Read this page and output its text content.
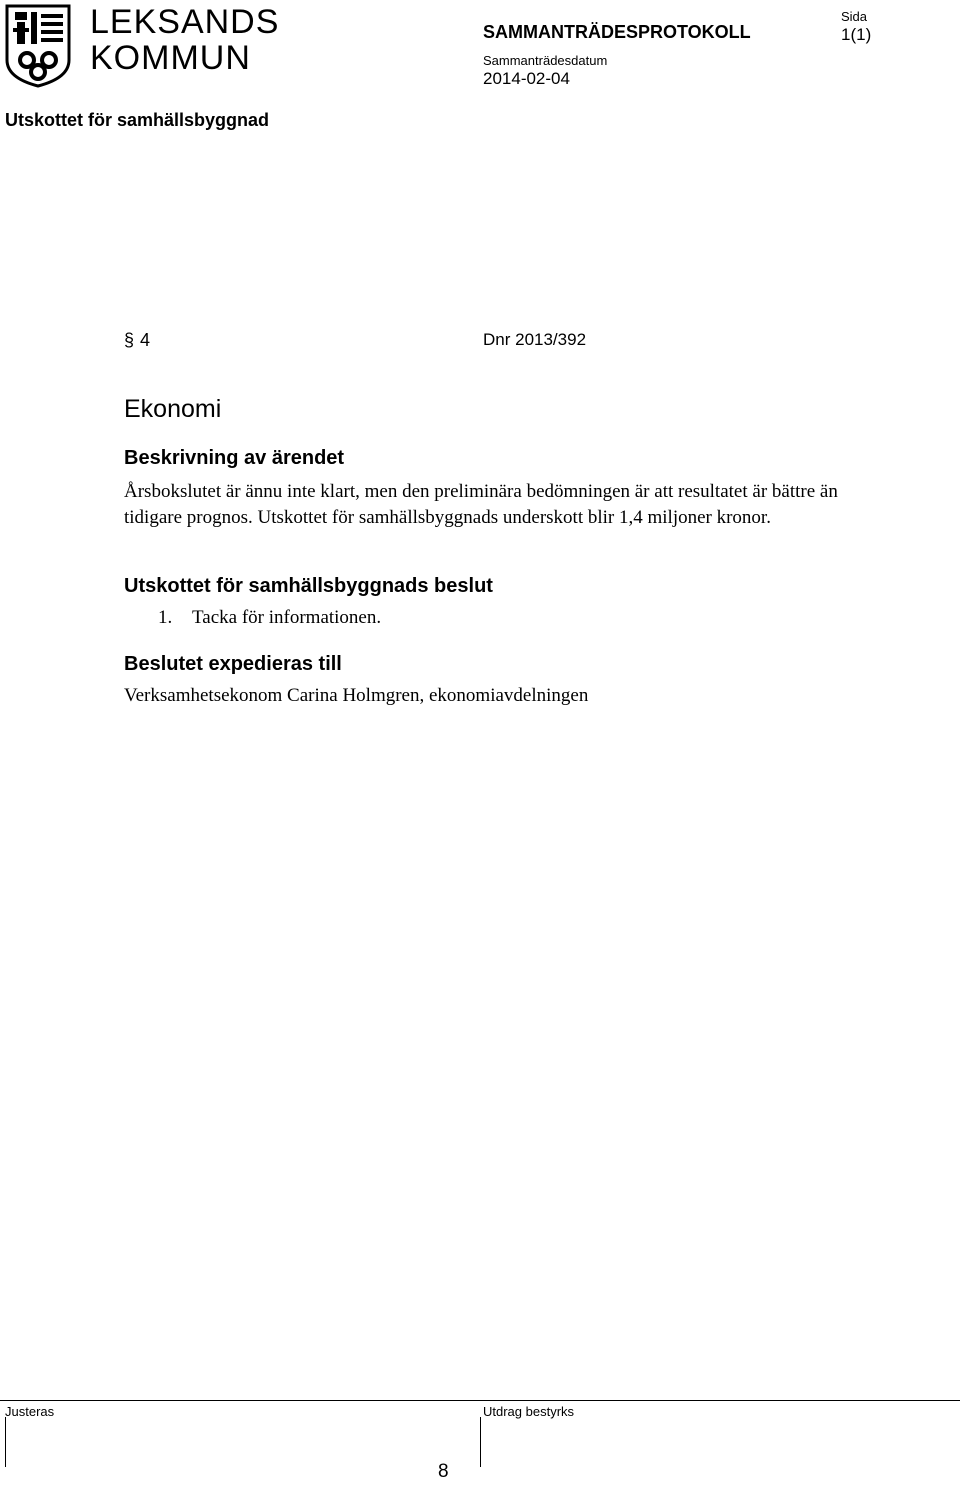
LEKSANDS
KOMMUN
SAMMANTRÄDESPROTOKOLL
Sida
1(1)
Sammanträdesdatum
2014-02-04
Utskottet för samhällsbyggnad
§ 4	Dnr 2013/392
Ekonomi
Beskrivning av ärendet
Årsbokslutet är ännu inte klart, men den preliminära bedömningen är att resultatet är bättre än tidigare prognos. Utskottet för samhällsbyggnads underskott blir 1,4 miljoner kronor.
Utskottet för samhällsbyggnads beslut
1. Tacka för informationen.
Beslutet expedieras till
Verksamhetsekonom Carina Holmgren, ekonomiavdelningen
Justeras	Utdrag bestyrks
8
